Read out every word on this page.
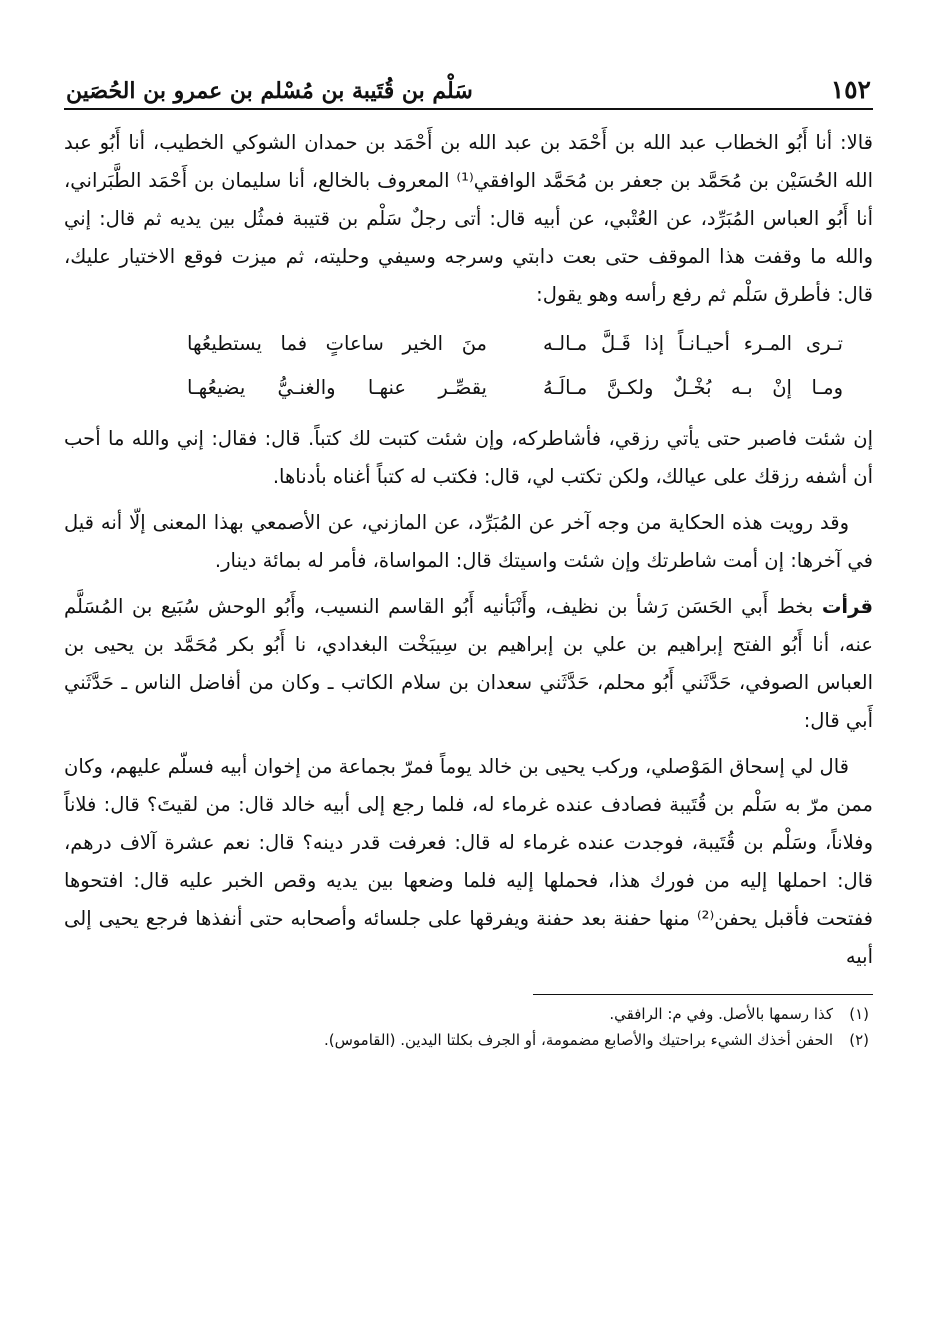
١٥٢
سَلْم بن قُتَيبة بن مُسْلم بن عمرو بن الحُصَين

قالا: أنا أَبُو الخطاب عبد الله بن أَحْمَد بن عبد الله بن أَحْمَد بن حمدان الشوكي الخطيب، أنا أَبُو عبد الله الحُسَيْن بن مُحَمَّد بن جعفر بن مُحَمَّد الوافقي⁽¹⁾ المعروف بالخالع، أنا سليمان بن أَحْمَد الطَّبَراني، أنا أَبُو العباس المُبَرِّد، عن العُتْبي، عن أبيه قال: أتى رجلٌ سَلْم بن قتيبة فمثُل بين يديه ثم قال: إني والله ما وقفت هذا الموقف حتى بعت دابتي وسرجه وسيفي وحليته، ثم ميزت فوقع الاختيار عليك، قال: فأطرق سَلْم ثم رفع رأسه وهو يقول:

تـرى المـرء أحيـانـاً إذا قَـلَّ مـالـه
منَ الخير ساعاتٍ فما يستطيعُها
ومـا إنْ بـه بُخْـلٌ ولكـنَّ مـالَـهُ
يقصِّـر عنهـا والغنـيُّ يضيعُهـا

إن شئت فاصبر حتى يأتي رزقي، فأشاطركه، وإن شئت كتبت لك كتباً. قال: فقال: إني والله ما أحب أن أشفه رزقك على عيالك، ولكن تكتب لي، قال: فكتب له كتباً أغناه بأدناها.

وقد رويت هذه الحكاية من وجه آخر عن المُبَرِّد، عن المازني، عن الأصمعي بهذا المعنى إلّا أنه قيل في آخرها: إن أمت شاطرتك وإن شئت واسيتك قال: المواساة، فأمر له بمائة دينار.

قرأت بخط أَبي الحَسَن رَشأ بن نظيف، وأَنْبَأنيه أَبُو القاسم النسيب، وأَبُو الوحش سُبَيع بن المُسَلَّم عنه، أنا أَبُو الفتح إبراهيم بن علي بن إبراهيم بن سِيبَخْت البغدادي، نا أَبُو بكر مُحَمَّد بن يحيى بن العباس الصوفي، حَدَّثَني أَبُو محلم، حَدَّثَني سعدان بن سلام الكاتب ـ وكان من أفاضل الناس ـ حَدَّثَني أَبي قال:

قال لي إسحاق المَوْصلي، وركب يحيى بن خالد يوماً فمرّ بجماعة من إخوان أبيه فسلّم عليهم، وكان ممن مرّ به سَلْم بن قُتَيبة فصادف عنده غرماء له، فلما رجع إلى أبيه خالد قال: من لقيتَ؟ قال: فلاناً وفلاناً، وسَلْم بن قُتَيبة، فوجدت عنده غرماء له قال: فعرفت قدر دينه؟ قال: نعم عشرة آلاف درهم، قال: احملها إليه من فورك هذا، فحملها إليه فلما وضعها بين يديه وقص الخبر عليه قال: افتحوها ففتحت فأقبل يحفن⁽²⁾ منها حفنة بعد حفنة ويفرقها على جلسائه وأصحابه حتى أنفذها فرجع يحيى إلى أبيه

(١)
كذا رسمها بالأصل. وفي م: الرافقي.
(٢)
الحفن أخذك الشيء براحتيك والأصابع مضمومة، أو الجرف بكلتا اليدين. (القاموس).
